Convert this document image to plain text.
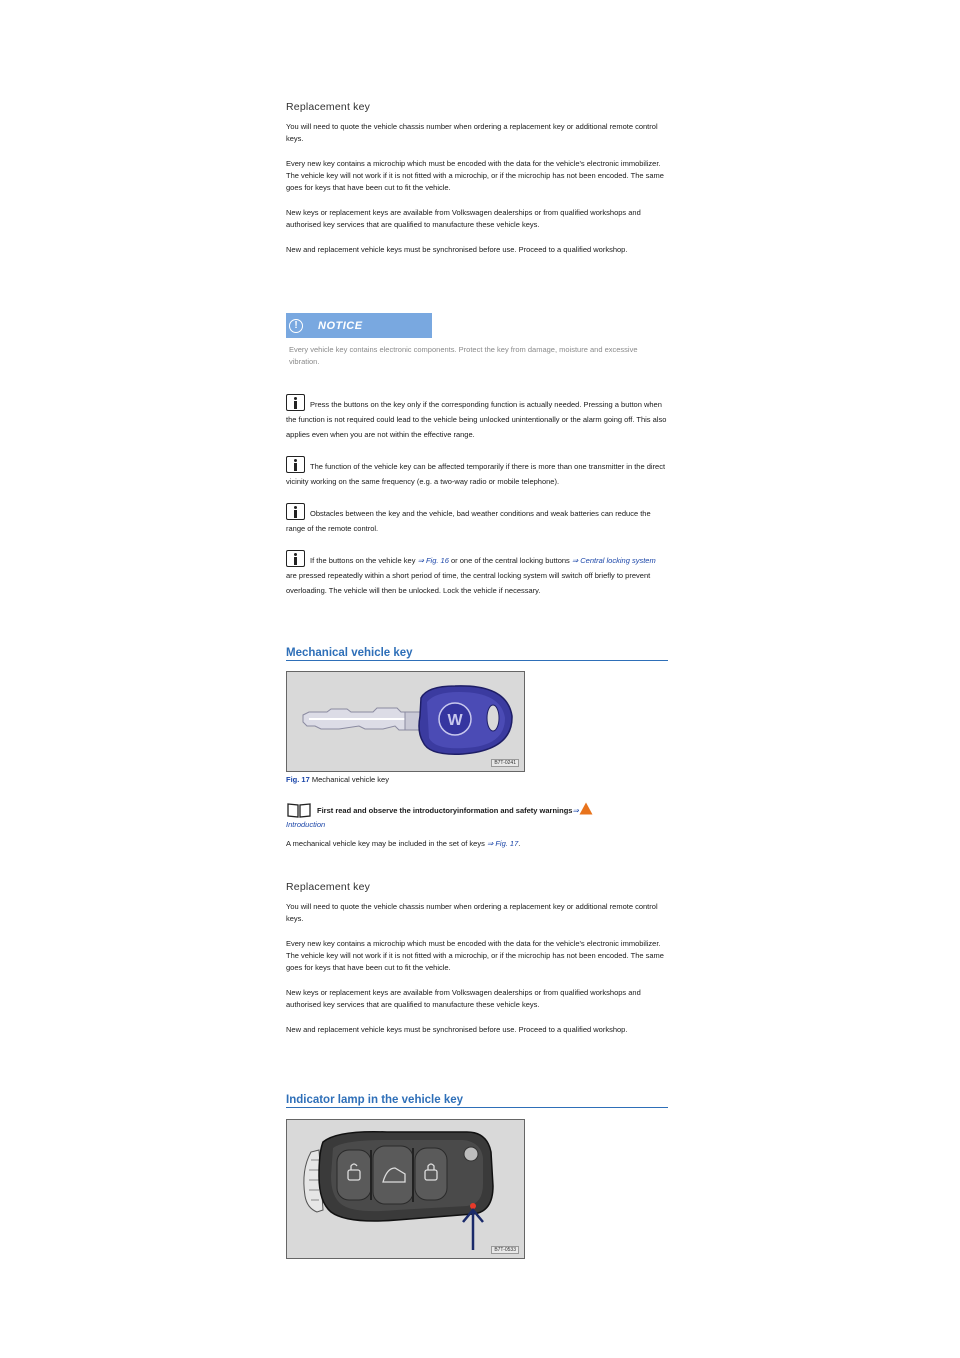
Replacement key

You will need to quote the vehicle chassis number when ordering a replacement key or additional remote control keys.

Every new key contains a microchip which must be encoded with the data for the vehicle's electronic immobilizer. The vehicle key will not work if it is not fitted with a microchip, or if the microchip has not been encoded. The same goes for keys that have been cut to fit the vehicle.

New keys or replacement keys are available from Volkswagen dealerships or from qualified workshops and authorised key services that are qualified to manufacture these vehicle keys.

New and replacement vehicle keys must be synchronised before use. Proceed to a qualified workshop.

!	NOTICE
Every vehicle key contains electronic components. Protect the key from damage, moisture and excessive vibration.
Press the buttons on the key only if the corresponding function is actually needed. Pressing a button when the function is not required could lead to the vehicle being unlocked unintentionally or the alarm going off. This also applies even when you are not within the effective range.
The function of the vehicle key can be affected temporarily if there is more than one transmitter in the direct vicinity working on the same frequency (e.g. a two-way radio or mobile telephone).
Obstacles between the key and the vehicle, bad weather conditions and weak batteries can reduce the range of the remote control.
If the buttons on the vehicle key ⇒ Fig. 16 or one of the central locking buttons ⇒ Central locking system are pressed repeatedly within a short period of time, the central locking system will switch off briefly to prevent overloading. The vehicle will then be unlocked. Lock the vehicle if necessary.
Mechanical vehicle key
W
B7T-0241
Fig. 17 Mechanical vehicle key
First read and observe the introductoryinformation and safety warnings⇒
Introduction

A mechanical vehicle key may be included in the set of keys ⇒ Fig. 17.

Replacement key

You will need to quote the vehicle chassis number when ordering a replacement key or additional remote control keys.

Every new key contains a microchip which must be encoded with the data for the vehicle's electronic immobilizer. The vehicle key will not work if it is not fitted with a microchip, or if the microchip has not been encoded. The same goes for keys that have been cut to fit the vehicle.

New keys or replacement keys are available from Volkswagen dealerships or from qualified workshops and authorised key services that are qualified to manufacture these vehicle keys.

New and replacement vehicle keys must be synchronised before use. Proceed to a qualified workshop.

Indicator lamp in the vehicle key
B7T-0533
